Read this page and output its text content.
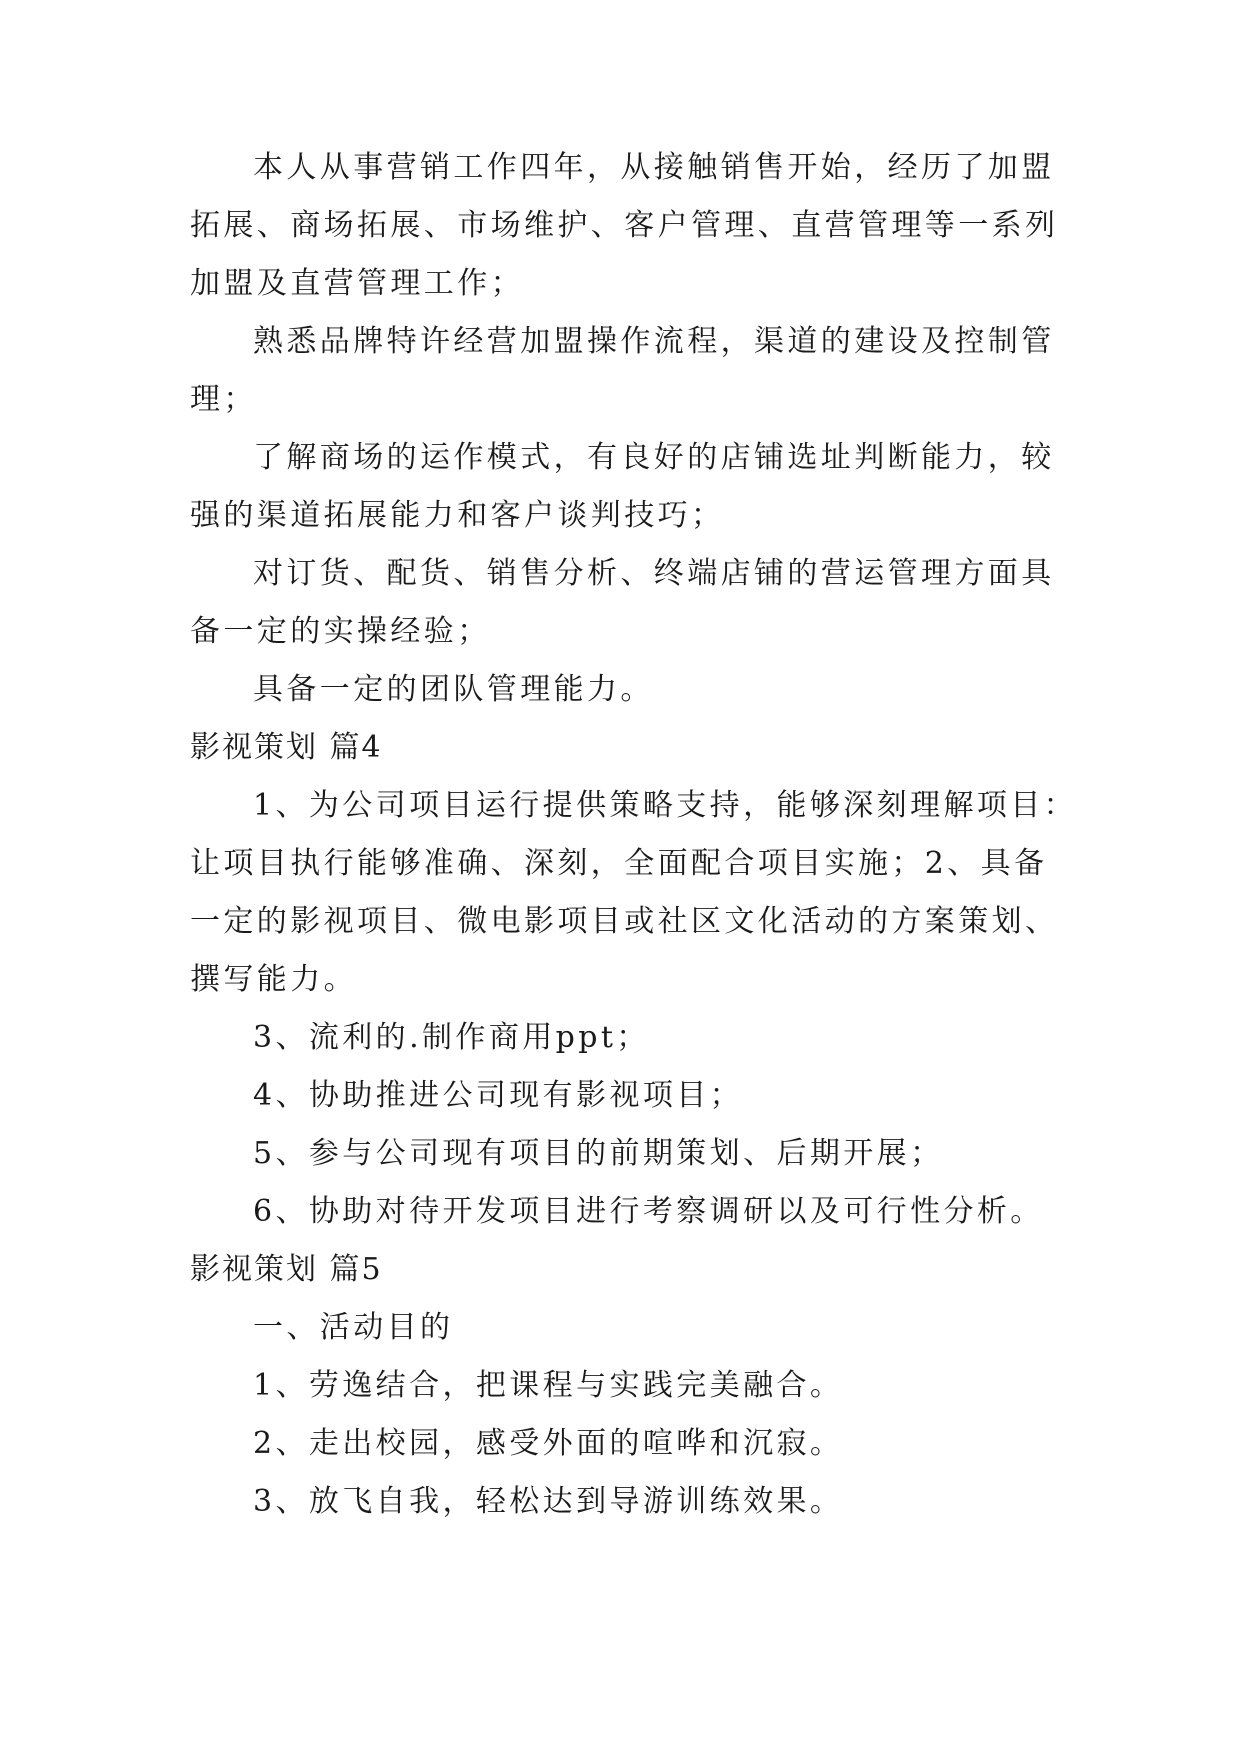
本人从事营销工作四年，从接触销售开始，经历了加盟
拓展、商场拓展、市场维护、客户管理、直营管理等一系列
加盟及直营管理工作；
熟悉品牌特许经营加盟操作流程，渠道的建设及控制管
理；
了解商场的运作模式，有良好的店铺选址判断能力，较
强的渠道拓展能力和客户谈判技巧；
对订货、配货、销售分析、终端店铺的营运管理方面具
备一定的实操经验；
具备一定的团队管理能力。
影视策划 篇4
1、为公司项目运行提供策略支持，能够深刻理解项目：
让项目执行能够准确、深刻，全面配合项目实施；2、具备
一定的影视项目、微电影项目或社区文化活动的方案策划、
撰写能力。
3、流利的.制作商用ppt；
4、协助推进公司现有影视项目；
5、参与公司现有项目的前期策划、后期开展；
6、协助对待开发项目进行考察调研以及可行性分析。
影视策划 篇5
一、活动目的
1、劳逸结合，把课程与实践完美融合。
2、走出校园，感受外面的喧哗和沉寂。
3、放飞自我，轻松达到导游训练效果。
